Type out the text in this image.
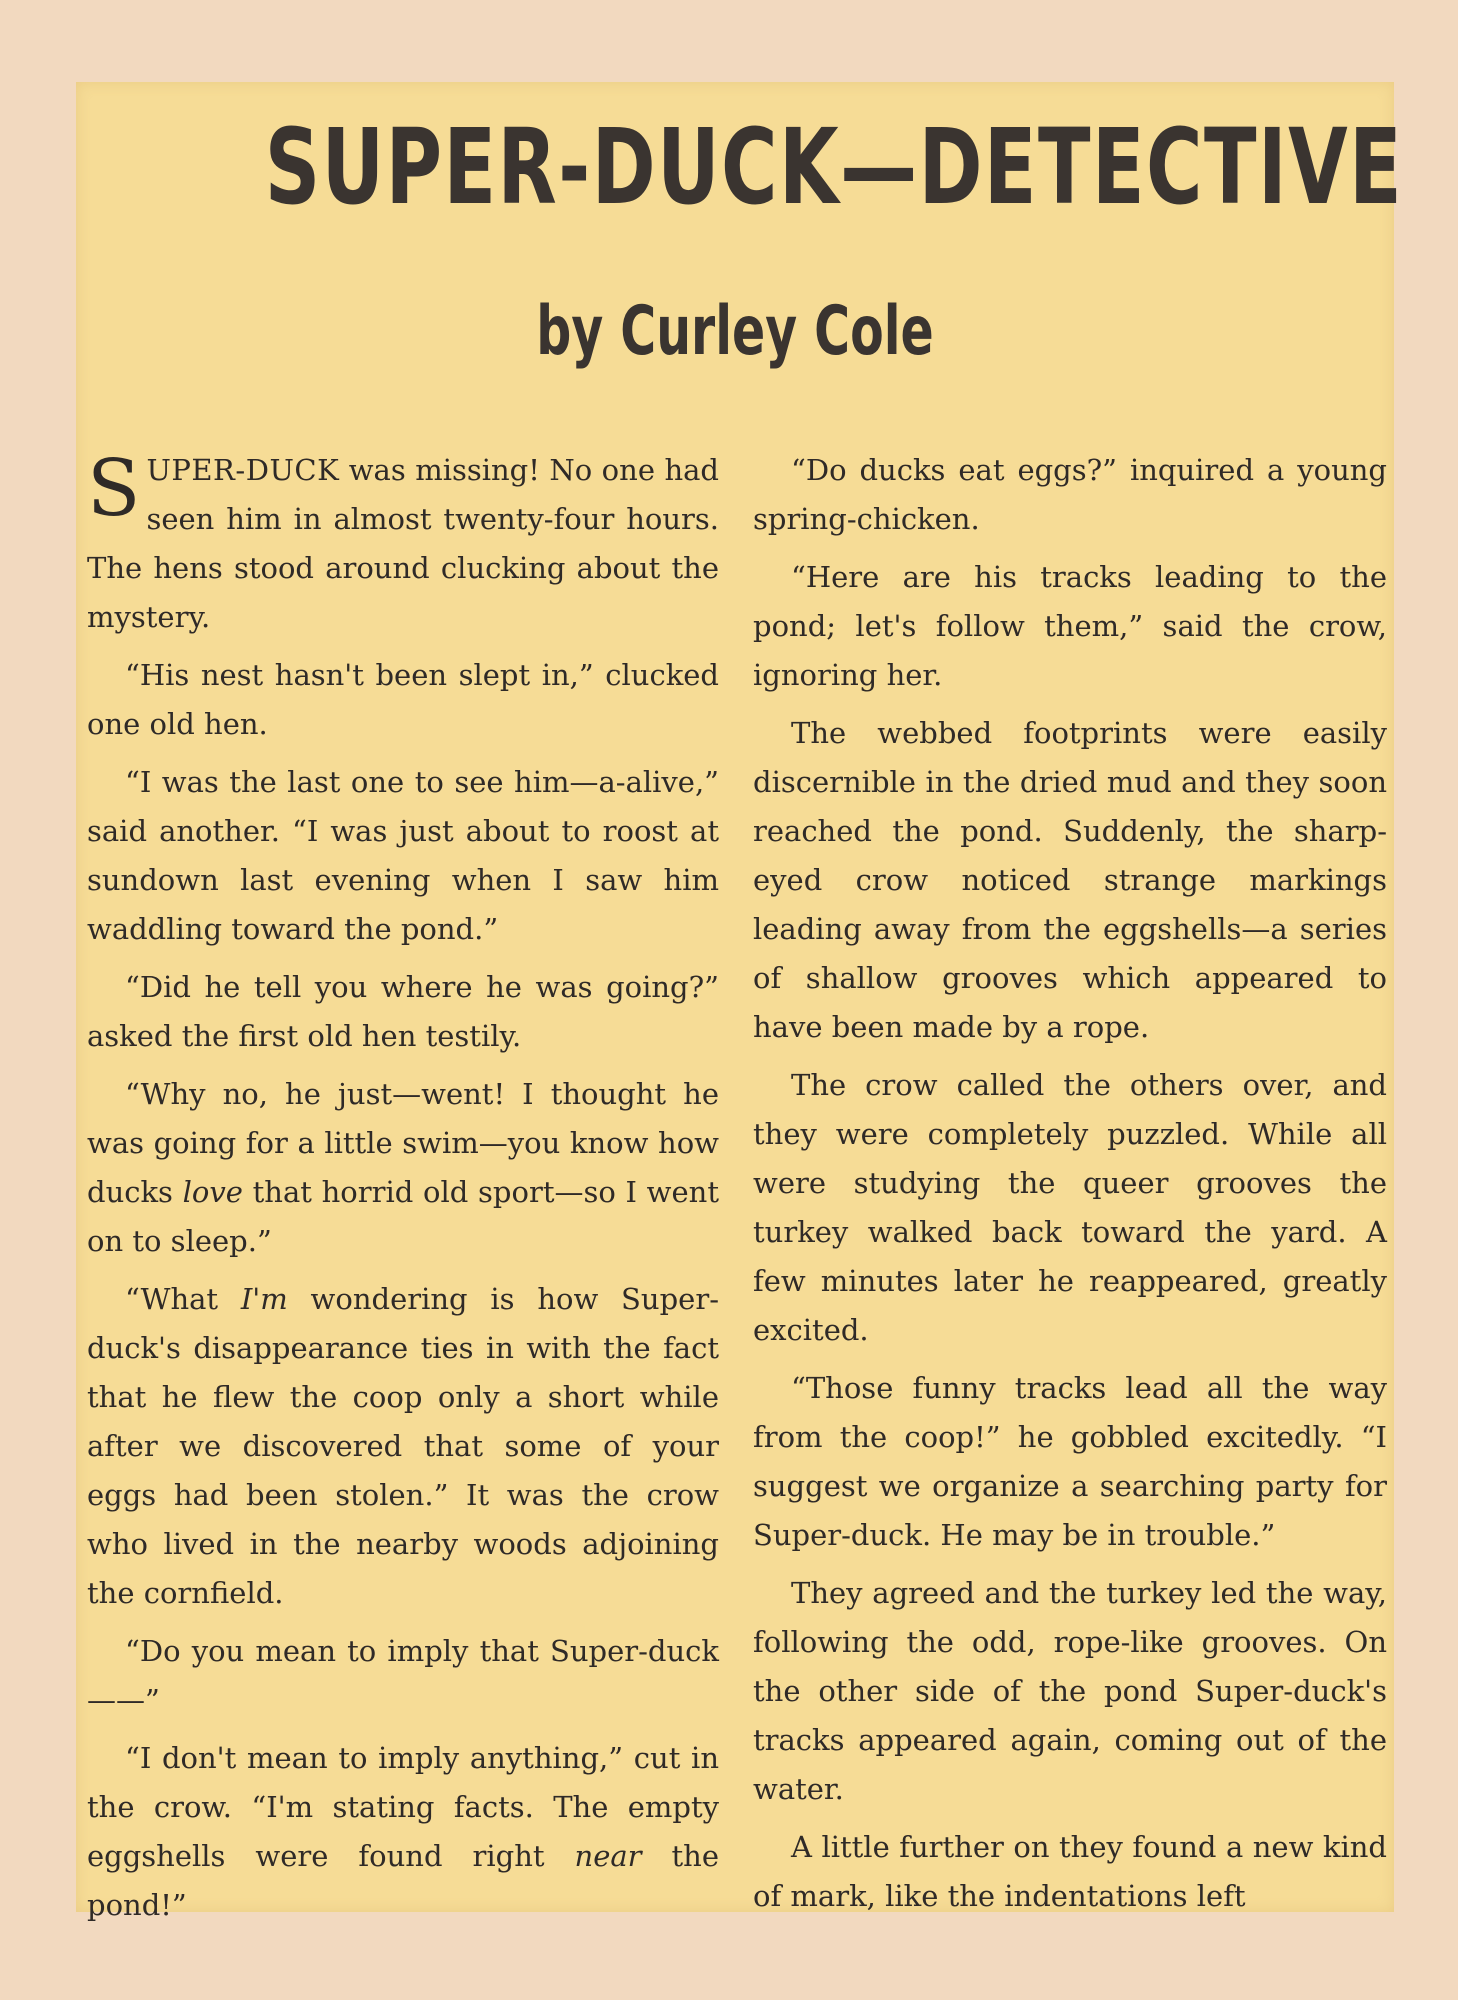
SUPER-DUCK—DETECTIVE
by Curley Cole

SUPER-DUCK was missing! No one had seen him in almost twenty-four hours. The hens stood around clucking about the mystery.

“His nest hasn't been slept in,” clucked one old hen.

“I was the last one to see him—a-alive,” said another. “I was just about to roost at sundown last evening when I saw him waddling toward the pond.”

“Did he tell you where he was going?” asked the first old hen testily.

“Why no, he just—went! I thought he was going for a little swim—you know how ducks love that horrid old sport—so I went on to sleep.”

“What I'm wondering is how Super-duck's disappearance ties in with the fact that he flew the coop only a short while after we discovered that some of your eggs had been stolen.” It was the crow who lived in the nearby woods adjoining the cornfield.

“Do you mean to imply that Super-duck——”

“I don't mean to imply anything,” cut in the crow. “I'm stating facts. The empty eggshells were found right near the pond!”

“Do ducks eat eggs?” inquired a young spring-chicken.

“Here are his tracks leading to the pond; let's follow them,” said the crow, ignoring her.

The webbed footprints were easily discernible in the dried mud and they soon reached the pond. Suddenly, the sharp-eyed crow noticed strange markings leading away from the eggshells—a series of shallow grooves which appeared to have been made by a rope.

The crow called the others over, and they were completely puzzled. While all were studying the queer grooves the turkey walked back toward the yard. A few minutes later he reappeared, greatly excited.

“Those funny tracks lead all the way from the coop!” he gobbled excitedly. “I suggest we organize a searching party for Super-duck. He may be in trouble.”

They agreed and the turkey led the way, following the odd, rope-like grooves. On the other side of the pond Super-duck's tracks appeared again, coming out of the water.

A little further on they found a new kind of mark, like the indentations left
